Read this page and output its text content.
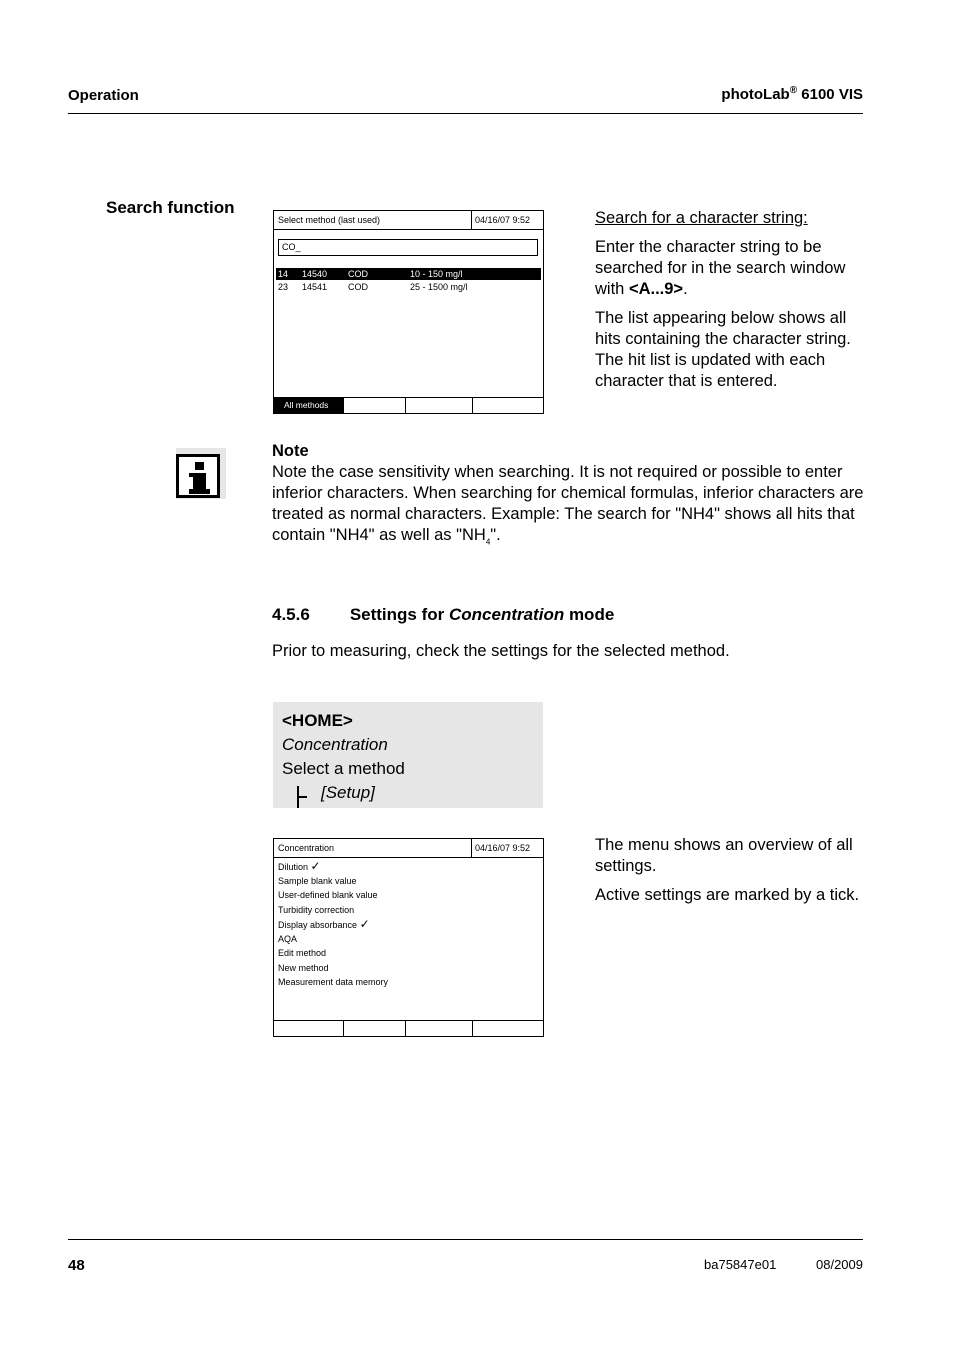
Operation	photoLab® 6100 VIS
Search function
Select method (last used)	04/16/07 9:52
CO_
14 14540 COD	10 - 150 mg/l
23 14541 COD	25 - 1500 mg/l
All methods

Search for a character string:

Enter the character string to be searched for in the search window with <A...9>.

The list appearing below shows all hits containing the character string. The hit list is updated with each character that is entered.

Note
Note the case sensitivity when searching. It is not required or possible to enter inferior characters. When searching for chemical formulas, inferior characters are treated as normal characters. Example: The search for "NH4" shows all hits that contain "NH4" as well as "$NH_4$".
4.5.6 Settings for Concentration mode
Prior to measuring, check the settings for the selected method.
<HOME>
Concentration
Select a method
[Setup]
Concentration	04/16/07 9:52
Dilution ✓
Sample blank value
User-defined blank value
Turbidity correction
Display absorbance ✓
AQA
Edit method
New method
Measurement data memory

The menu shows an overview of all settings.

Active settings are marked by a tick.

48	ba75847e01	08/2009
